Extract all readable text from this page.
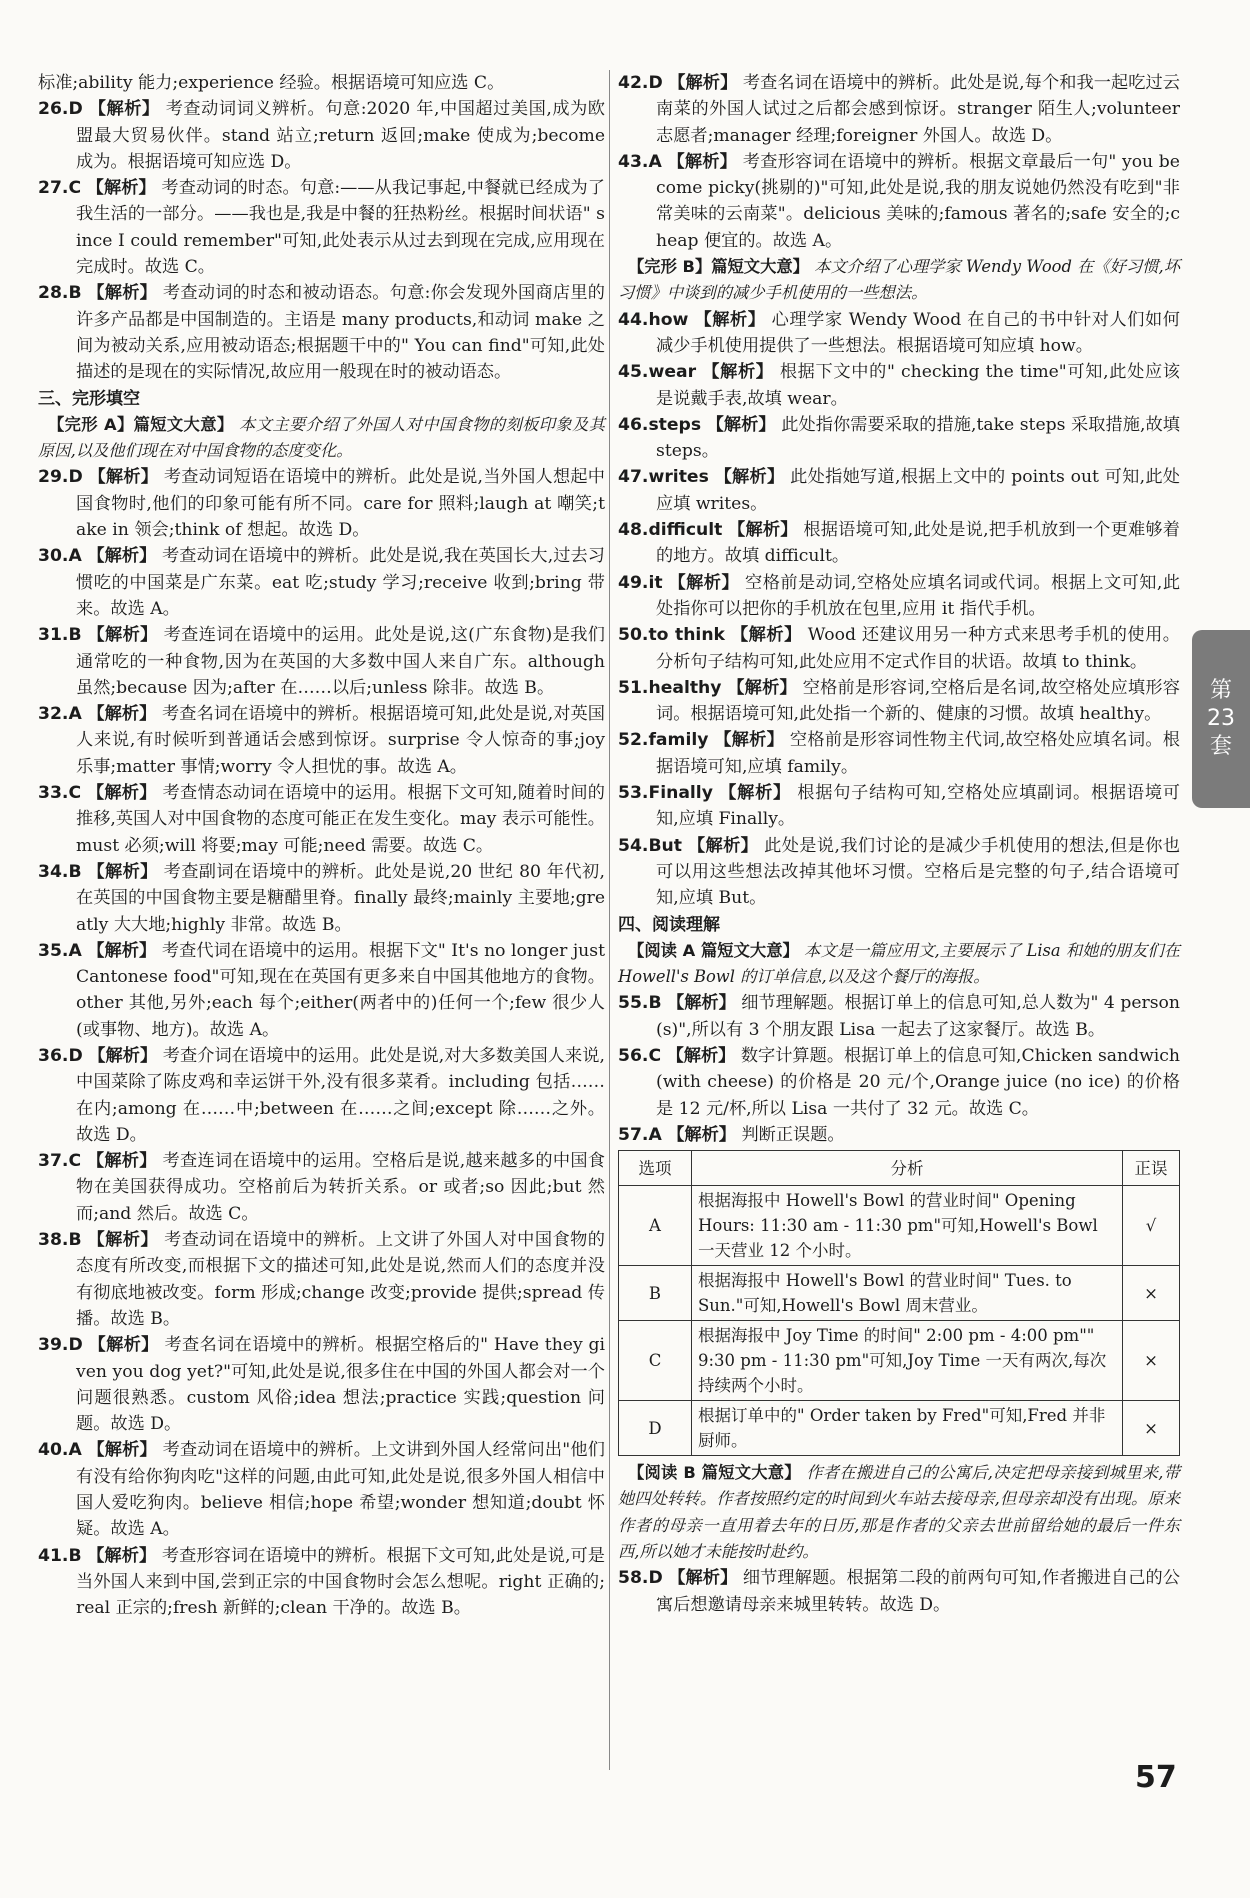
标准;ability 能力;experience 经验。根据语境可知应选 C。

26.D 【解析】 考查动词词义辨析。句意:2020 年,中国超过美国,成为欧盟最大贸易伙伴。stand 站立;return 返回;make 使成为;become 成为。根据语境可知应选 D。

27.C 【解析】 考查动词的时态。句意:——从我记事起,中餐就已经成为了我生活的一部分。——我也是,我是中餐的狂热粉丝。根据时间状语" since I could remember"可知,此处表示从过去到现在完成,应用现在完成时。故选 C。

28.B 【解析】 考查动词的时态和被动语态。句意:你会发现外国商店里的许多产品都是中国制造的。主语是 many products,和动词 make 之间为被动关系,应用被动语态;根据题干中的" You can find"可知,此处描述的是现在的实际情况,故应用一般现在时的被动语态。

三、完形填空

【完形 A】篇短文大意】 本文主要介绍了外国人对中国食物的刻板印象及其原因,以及他们现在对中国食物的态度变化。

29.D 【解析】 考查动词短语在语境中的辨析。此处是说,当外国人想起中国食物时,他们的印象可能有所不同。care for 照料;laugh at 嘲笑;take in 领会;think of 想起。故选 D。

30.A 【解析】 考查动词在语境中的辨析。此处是说,我在英国长大,过去习惯吃的中国菜是广东菜。eat 吃;study 学习;receive 收到;bring 带来。故选 A。

31.B 【解析】 考查连词在语境中的运用。此处是说,这(广东食物)是我们通常吃的一种食物,因为在英国的大多数中国人来自广东。although 虽然;because 因为;after 在……以后;unless 除非。故选 B。

32.A 【解析】 考查名词在语境中的辨析。根据语境可知,此处是说,对英国人来说,有时候听到普通话会感到惊讶。surprise 令人惊奇的事;joy 乐事;matter 事情;worry 令人担忧的事。故选 A。

33.C 【解析】 考查情态动词在语境中的运用。根据下文可知,随着时间的推移,英国人对中国食物的态度可能正在发生变化。may 表示可能性。must 必须;will 将要;may 可能;need 需要。故选 C。

34.B 【解析】 考查副词在语境中的辨析。此处是说,20 世纪 80 年代初,在英国的中国食物主要是糖醋里脊。finally 最终;mainly 主要地;greatly 大大地;highly 非常。故选 B。

35.A 【解析】 考查代词在语境中的运用。根据下文" It's no longer just Cantonese food"可知,现在在英国有更多来自中国其他地方的食物。other 其他,另外;each 每个;either(两者中的)任何一个;few 很少人(或事物、地方)。故选 A。

36.D 【解析】 考查介词在语境中的运用。此处是说,对大多数美国人来说,中国菜除了陈皮鸡和幸运饼干外,没有很多菜肴。including 包括……在内;among 在……中;between 在……之间;except 除……之外。故选 D。

37.C 【解析】 考查连词在语境中的运用。空格后是说,越来越多的中国食物在美国获得成功。空格前后为转折关系。or 或者;so 因此;but 然而;and 然后。故选 C。

38.B 【解析】 考查动词在语境中的辨析。上文讲了外国人对中国食物的态度有所改变,而根据下文的描述可知,此处是说,然而人们的态度并没有彻底地被改变。form 形成;change 改变;provide 提供;spread 传播。故选 B。

39.D 【解析】 考查名词在语境中的辨析。根据空格后的" Have they given you dog yet?"可知,此处是说,很多住在中国的外国人都会对一个问题很熟悉。custom 风俗;idea 想法;practice 实践;question 问题。故选 D。

40.A 【解析】 考查动词在语境中的辨析。上文讲到外国人经常问出"他们有没有给你狗肉吃"这样的问题,由此可知,此处是说,很多外国人相信中国人爱吃狗肉。believe 相信;hope 希望;wonder 想知道;doubt 怀疑。故选 A。

41.B 【解析】 考查形容词在语境中的辨析。根据下文可知,此处是说,可是当外国人来到中国,尝到正宗的中国食物时会怎么想呢。right 正确的;real 正宗的;fresh 新鲜的;clean 干净的。故选 B。

42.D 【解析】 考查名词在语境中的辨析。此处是说,每个和我一起吃过云南菜的外国人试过之后都会感到惊讶。stranger 陌生人;volunteer 志愿者;manager 经理;foreigner 外国人。故选 D。

43.A 【解析】 考查形容词在语境中的辨析。根据文章最后一句" you become picky(挑剔的)"可知,此处是说,我的朋友说她仍然没有吃到"非常美味的云南菜"。delicious 美味的;famous 著名的;safe 安全的;cheap 便宜的。故选 A。

【完形 B】篇短文大意】 本文介绍了心理学家 Wendy Wood 在《好习惯,坏习惯》中谈到的减少手机使用的一些想法。

44.how 【解析】 心理学家 Wendy Wood 在自己的书中针对人们如何减少手机使用提供了一些想法。根据语境可知应填 how。

45.wear 【解析】 根据下文中的" checking the time"可知,此处应该是说戴手表,故填 wear。

46.steps 【解析】 此处指你需要采取的措施,take steps 采取措施,故填 steps。

47.writes 【解析】 此处指她写道,根据上文中的 points out 可知,此处应填 writes。

48.difficult 【解析】 根据语境可知,此处是说,把手机放到一个更难够着的地方。故填 difficult。

49.it 【解析】 空格前是动词,空格处应填名词或代词。根据上文可知,此处指你可以把你的手机放在包里,应用 it 指代手机。

50.to think 【解析】 Wood 还建议用另一种方式来思考手机的使用。分析句子结构可知,此处应用不定式作目的状语。故填 to think。

51.healthy 【解析】 空格前是形容词,空格后是名词,故空格处应填形容词。根据语境可知,此处指一个新的、健康的习惯。故填 healthy。

52.family 【解析】 空格前是形容词性物主代词,故空格处应填名词。根据语境可知,应填 family。

53.Finally 【解析】 根据句子结构可知,空格处应填副词。根据语境可知,应填 Finally。

54.But 【解析】 此处是说,我们讨论的是减少手机使用的想法,但是你也可以用这些想法改掉其他坏习惯。空格后是完整的句子,结合语境可知,应填 But。

四、阅读理解

【阅读 A 篇短文大意】 本文是一篇应用文,主要展示了 Lisa 和她的朋友们在 Howell's Bowl 的订单信息,以及这个餐厅的海报。

55.B 【解析】 细节理解题。根据订单上的信息可知,总人数为" 4 person(s)",所以有 3 个朋友跟 Lisa 一起去了这家餐厅。故选 B。

56.C 【解析】 数字计算题。根据订单上的信息可知,Chicken sandwich (with cheese) 的价格是 20 元/个,Orange juice (no ice) 的价格是 12 元/杯,所以 Lisa 一共付了 32 元。故选 C。

57.A 【解析】 判断正误题。

选项	分析	正误
A	根据海报中 Howell's Bowl 的营业时间" Opening Hours: 11:30 am - 11:30 pm"可知,Howell's Bowl 一天营业 12 个小时。	√
B	根据海报中 Howell's Bowl 的营业时间" Tues. to Sun."可知,Howell's Bowl 周末营业。	×
C	根据海报中 Joy Time 的时间" 2:00 pm - 4:00 pm"" 9:30 pm - 11:30 pm"可知,Joy Time 一天有两次,每次持续两个小时。	×
D	根据订单中的" Order taken by Fred"可知,Fred 并非厨师。	×

【阅读 B 篇短文大意】 作者在搬进自己的公寓后,决定把母亲接到城里来,带她四处转转。作者按照约定的时间到火车站去接母亲,但母亲却没有出现。原来作者的母亲一直用着去年的日历,那是作者的父亲去世前留给她的最后一件东西,所以她才未能按时赴约。

58.D 【解析】 细节理解题。根据第二段的前两句可知,作者搬进自己的公寓后想邀请母亲来城里转转。故选 D。

第
23
套
57
